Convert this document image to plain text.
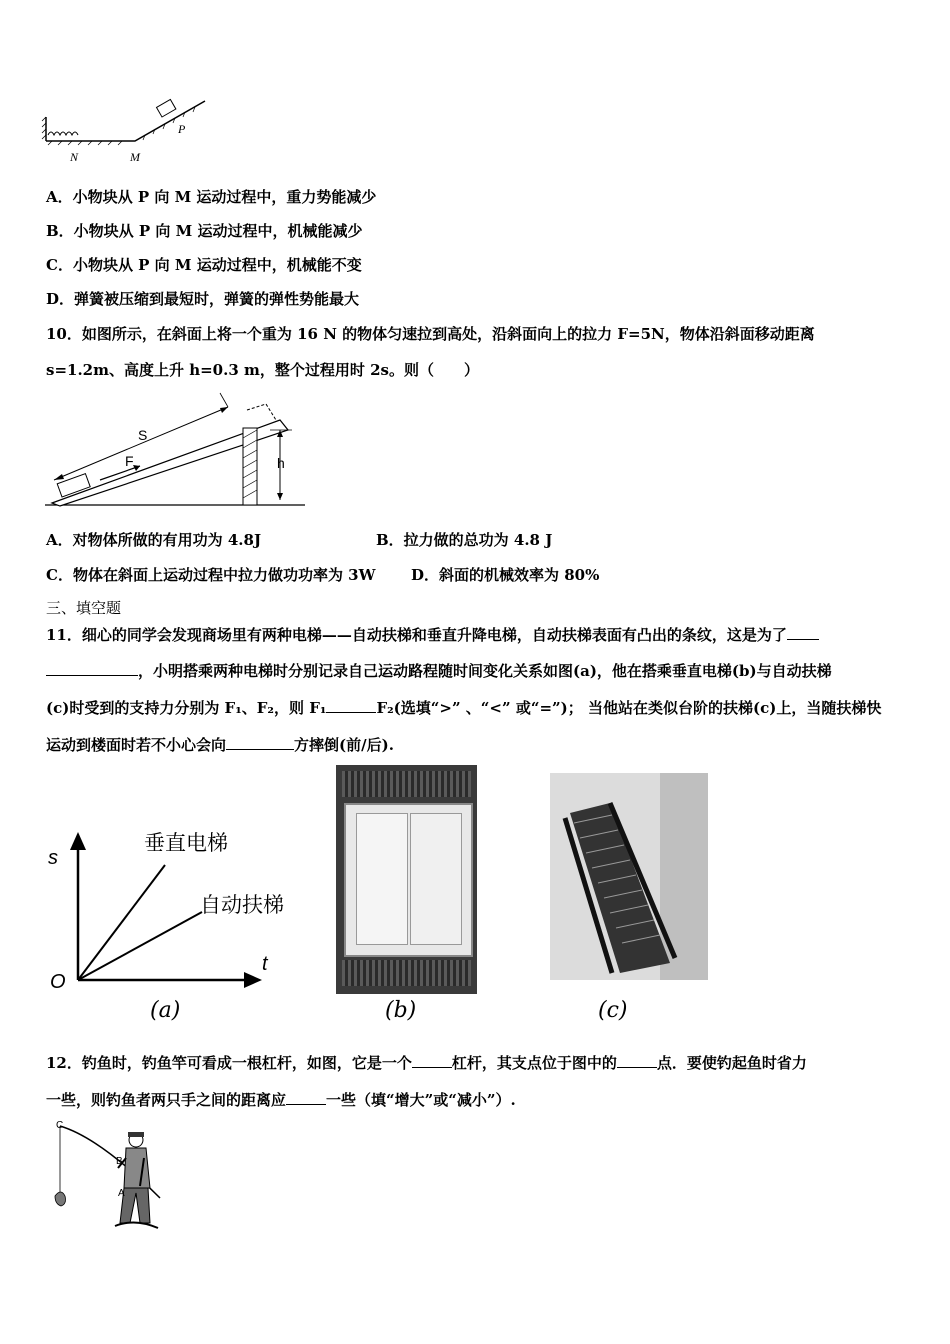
P
N	M
A．小物块从 P 向 M 运动过程中，重力势能减少
B．小物块从 P 向 M 运动过程中，机械能减少
C．小物块从 P 向 M 运动过程中，机械能不变
D．弹簧被压缩到最短时，弹簧的弹性势能最大
10．如图所示，在斜面上将一个重为 16 N 的物体匀速拉到高处，沿斜面向上的拉力 F=5N，物体沿斜面移动距离
s=1.2m、高度上升 h=0.3 m，整个过程用时 2s。则（　　）
S
F	h
A．对物体所做的有用功为 4.8J	B．拉力做的总功为 4.8 J
C．物体在斜面上运动过程中拉力做功功率为 3W D．斜面的机械效率为 80%
三、填空题
11．细心的同学会发现商场里有两种电梯——自动扶梯和垂直升降电梯，自动扶梯表面有凸出的条纹，这是为了
，小明搭乘两种电梯时分别记录自己运动路程随时间变化关系如图(a)，他在搭乘垂直电梯(b)与自动扶梯
(c)时受到的支持力分别为 F₁、F₂，则 F₁	F₂(选填“>” 、“<” 或“=”)； 当他站在类似台阶的扶梯(c)上，当随扶梯快
运动到楼面时若不小心会向	方摔倒(前/后).
s
t
O
垂直电梯
自动扶梯
(a)	(b)	(c)
12．钓鱼时，钓鱼竿可看成一根杠杆，如图，它是一个	杠杆，其支点位于图中的	点．要使钓起鱼时省力
一些，则钓鱼者两只手之间的距离应	一些（填“增大”或“减小”）.
C
B
A
